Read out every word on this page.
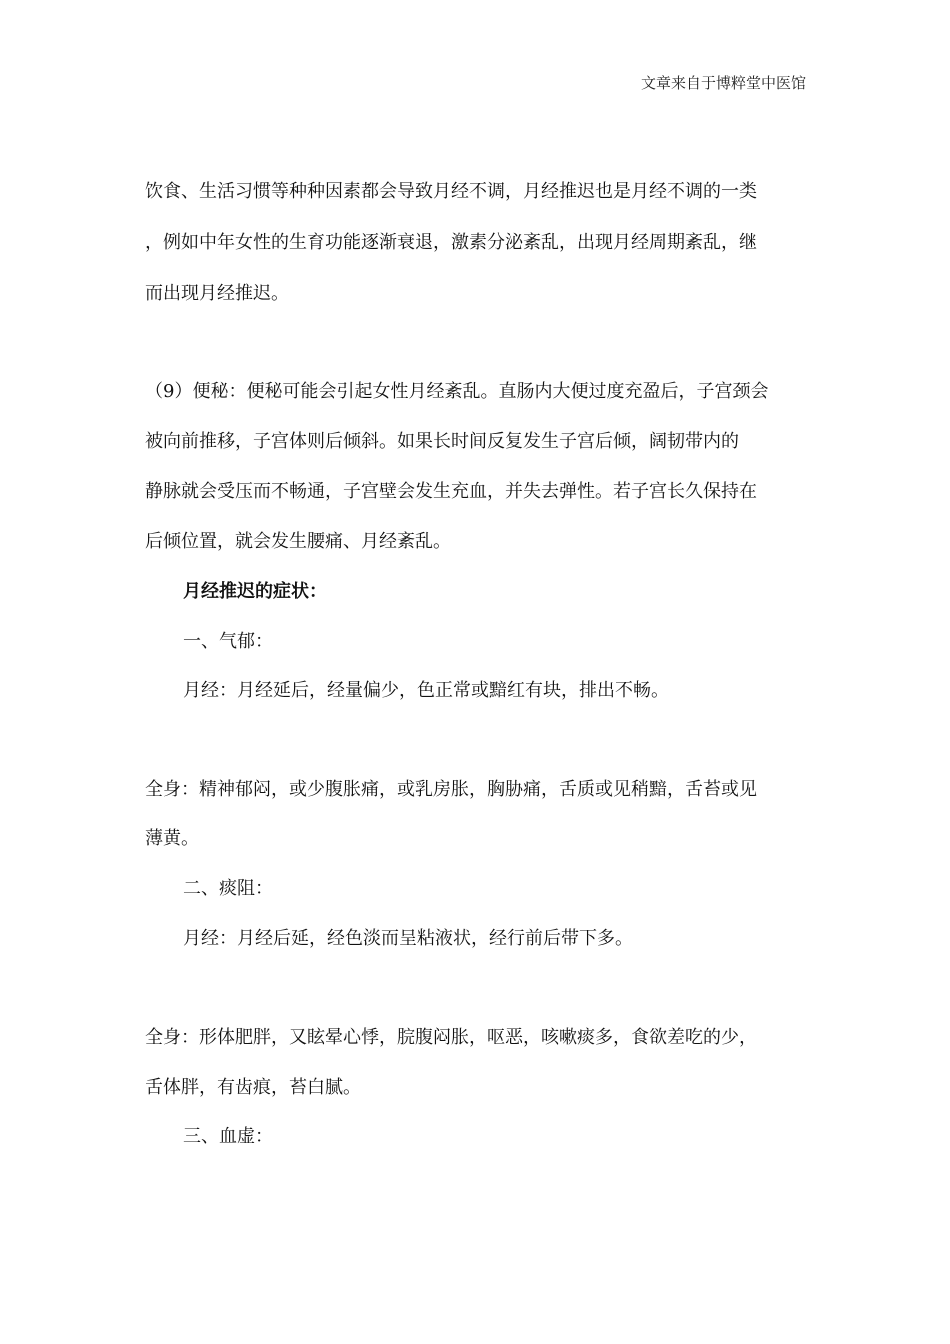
文章来自于博粹堂中医馆
饮食、生活习惯等种种因素都会导致月经不调，月经推迟也是月经不调的一类
，例如中年女性的生育功能逐渐衰退，激素分泌紊乱，出现月经周期紊乱，继
而出现月经推迟。
（9）便秘：便秘可能会引起女性月经紊乱。直肠内大便过度充盈后，子宫颈会
被向前推移，子宫体则后倾斜。如果长时间反复发生子宫后倾，阔韧带内的
静脉就会受压而不畅通，子宫壁会发生充血，并失去弹性。若子宫长久保持在
后倾位置，就会发生腰痛、月经紊乱。
月经推迟的症状：
一、气郁：
月经：月经延后，经量偏少，色正常或黯红有块，排出不畅。
全身：精神郁闷，或少腹胀痛，或乳房胀，胸胁痛，舌质或见稍黯，舌苔或见
薄黄。
二、痰阻：
月经：月经后延，经色淡而呈粘液状，经行前后带下多。
全身：形体肥胖，又眩晕心悸，脘腹闷胀，呕恶，咳嗽痰多，食欲差吃的少，
舌体胖，有齿痕，苔白腻。
三、血虚：
